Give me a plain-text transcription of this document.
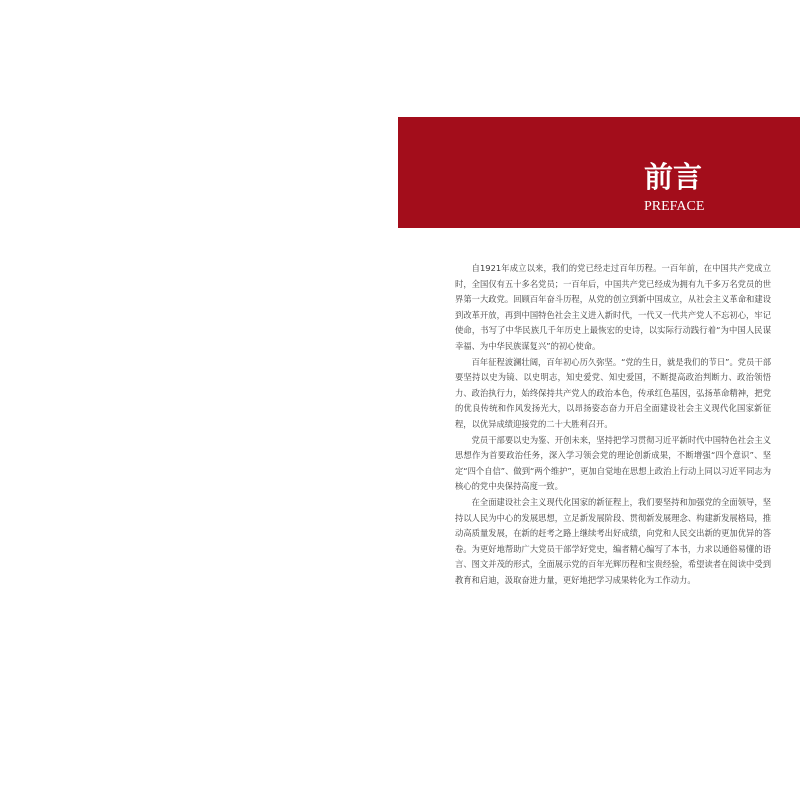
前言
PREFACE

自1921年成立以来，我们的党已经走过百年历程。一百年前，在中国共产党成立时，全国仅有五十多名党员；一百年后，中国共产党已经成为拥有九千多万名党员的世界第一大政党。回顾百年奋斗历程，从党的创立到新中国成立，从社会主义革命和建设到改革开放，再到中国特色社会主义进入新时代，一代又一代共产党人不忘初心，牢记使命，书写了中华民族几千年历史上最恢宏的史诗，以实际行动践行着“为中国人民谋幸福、为中华民族谋复兴”的初心使命。

百年征程波澜壮阔，百年初心历久弥坚。“党的生日，就是我们的节日”。党员干部要坚持以史为镜、以史明志，知史爱党、知史爱国，不断提高政治判断力、政治领悟力、政治执行力，始终保持共产党人的政治本色，传承红色基因，弘扬革命精神，把党的优良传统和作风发扬光大，以昂扬姿态奋力开启全面建设社会主义现代化国家新征程，以优异成绩迎接党的二十大胜利召开。

党员干部要以史为鉴、开创未来，坚持把学习贯彻习近平新时代中国特色社会主义思想作为首要政治任务，深入学习领会党的理论创新成果，不断增强“四个意识”、坚定“四个自信”、做到“两个维护”，更加自觉地在思想上政治上行动上同以习近平同志为核心的党中央保持高度一致。

在全面建设社会主义现代化国家的新征程上，我们要坚持和加强党的全面领导，坚持以人民为中心的发展思想，立足新发展阶段、贯彻新发展理念、构建新发展格局，推动高质量发展，在新的赶考之路上继续考出好成绩，向党和人民交出新的更加优异的答卷。为更好地帮助广大党员干部学好党史，编者精心编写了本书，力求以通俗易懂的语言、图文并茂的形式，全面展示党的百年光辉历程和宝贵经验，希望读者在阅读中受到教育和启迪，汲取奋进力量，更好地把学习成果转化为工作动力。
